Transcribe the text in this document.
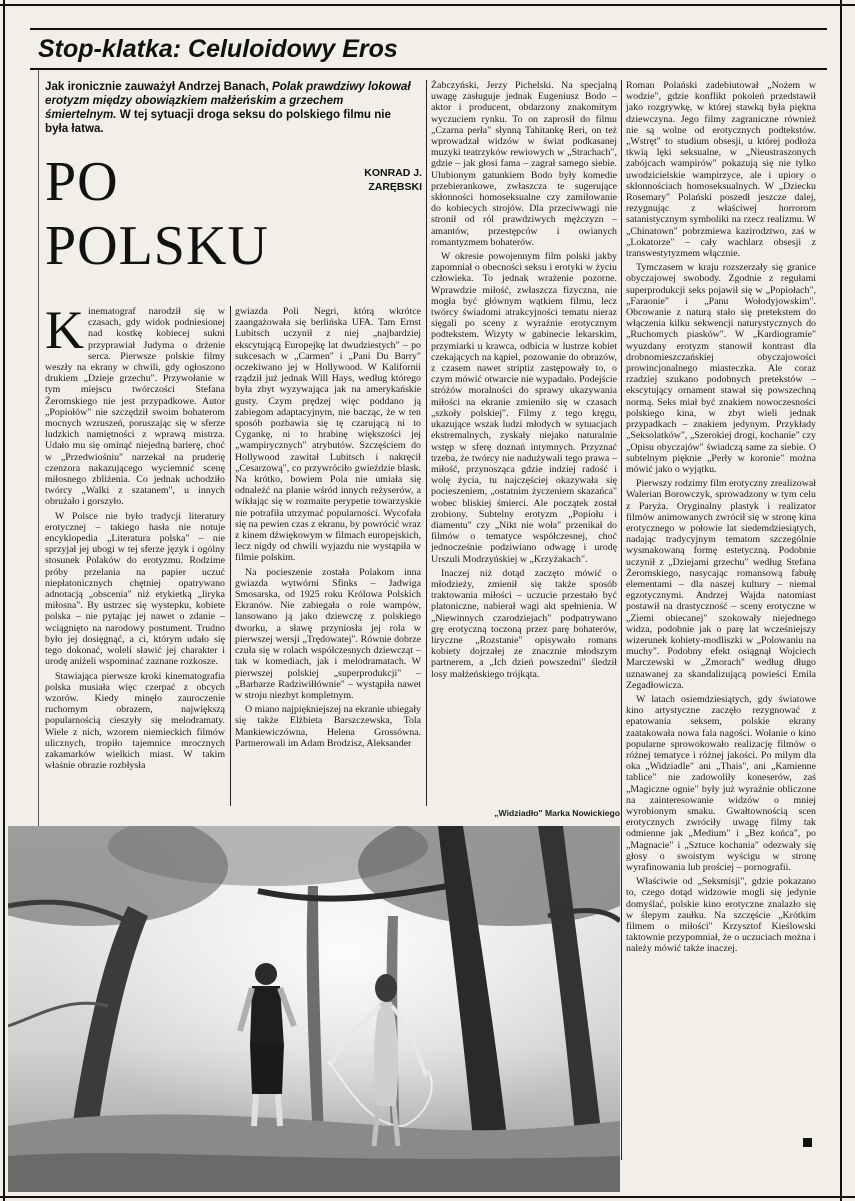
Stop-klatka: Celuloidowy Eros
Jak ironicznie zauważył Andrzej Banach, Polak prawdziwy lokował erotyzm między obowiązkiem małżeńskim a grzechem śmiertelnym. W tej sytuacji droga seksu do polskiego filmu nie była łatwa.
KONRAD J.
ZARĘBSKI
PO
POLSKU

Kinematograf narodził się w czasach, gdy widok podniesionej nad kostkę kobiecej sukni przyprawiał Judyma o drżenie serca. Pierwsze polskie filmy weszły na ekrany w chwili, gdy ogłoszono drukiem „Dzieje grzechu". Przywołanie w tym miejscu twórczości Stefana Żeromskiego nie jest przypadkowe. Autor „Popiołów" nie szczędził swoim bohaterom mocnych wzruszeń, poruszając się w sferze ludzkich namiętności z wprawą mistrza. Udało mu się ominąć niejedną barierę, choć w „Przedwiośniu" narzekał na pruderię czenzora nakazującego wyciemnić scenę miłosnego zbliżenia. Co jednak uchodziło twórcy „Walki z szatanem", u innych obrużało i gorszyło.

W Polsce nie było tradycji literatury erotycznej – takiego hasła nie notuje encyklopedia „Literatura polska" – nie sprzyjał jej ubogi w tej sferze język i ogólny stosunek Polaków do erotyzmu. Rodzime próby przelania na papier uczuć niepłatonicznych chętniej opatrywano adnotacją „obscenia" niż etykietką „liryka miłosna". By ustrzec się wystepku, kobiete polska – nie pytając jej nawet o zdanie – wciągnięto na narodowy postument. Trudno było jej dosięgnąć, a ci, którym udało się tego dokonać, woleli sławić jej charakter i urodę aniżeli wspominać zaznane rozkosze.

Stawiająca pierwsze kroki kinematografia polska musiała więc czerpać z obcych wzorów. Kiedy minęło zauroczenie ruchomym obrazem, największą popularnością cieszyły się melodramaty. Wiele z nich, wzorem niemieckich filmów ulicznych, tropiło tajemnice mrocznych zakamarków wielkich miast. W takim właśnie obrazie rozbłysła

gwiazda Poli Negri, którą wkrótce zaangażowała się berlińska UFA. Tam Ernst Lubitsch uczynił z niej „najbardziej ekscytującą Europejkę lat dwudziestych" – po sukcesach w „Carmen" i „Pani Du Barry" oczekiwano jej w Hollywood. W Kalifornii rządził już jednak Will Hays, według którego była zbyt wyzywająca jak na amerykańskie gusty. Czym prędzej więc poddano ją zabiegom adaptacyjnym, nie bacząc, że w ten sposób pozbawia się tę czarującą ni to Cygankę, ni to hrabinę większości jej „wampirycznych" atrybutów. Szczęściem do Hollywood zawitał Lubitsch i nakręcił „Cesarzową", co przywróciło gwieździe blask. Na krótko, bowiem Pola nie umiała się odnaleźć na planie wśród innych reżyserów, a wikłając się w rozmaite perypetie towarzyskie nie potrafiła utrzymać popularności. Wycofała się na pewien czas z ekranu, by powrócić wraz z kinem dźwiękowym w filmach europejskich, lecz nigdy od chwili wyjazdu nie wystąpiła w filmie polskim.

Na pocieszenie została Polakom inna gwiazda wytwórni Sfinks – Jadwiga Smosarska, od 1925 roku Królowa Polskich Ekranów. Nie zabiegała o role wampów, lansowano ją jako dziewczę z polskiego dworku, a sławę przyniosła jej rola w pierwszej wersji „Trędowatej". Równie dobrze czuła się w rolach współczesnych dziewcząt – tak w komediach, jak i melodramatach. W pierwszej polskiej „superprodukcji" – „Barbarze Radziwiłłównie" – wystąpiła nawet w stroju niezbyt kompletnym.

O miano najpiękniejszej na ekranie ubiegały się także Elżbieta Barszczewska, Tola Mankiewiczówna, Helena Grossówna. Partnerowali im Adam Brodzisz, Aleksander

Żabczyński, Jerzy Pichelski. Na specjalną uwagę zasługuje jednak Eugeniusz Bodo – aktor i producent, obdarzony znakomitym wyczuciem rynku. To on zaprosił do filmu „Czarna perła" słynną Tahitankę Reri, on też wprowadzał widzów w świat podkasanej muzyki teatrzyków rewiowych w „Strachach", gdzie – jak głosi fama – zagrał samego siebie. Ulubionym gatunkiem Bodo były komedie przebierankowe, zwłaszcza te sugerujące skłonności homoseksualne czy zamiłowanie do kobiecych strojów. Dla przeciwwagi nie stronił od ról prawdziwych mężczyzn – amantów, przestępców i owianych romantyzmem bohaterów.

W okresie powojennym film polski jakby zapomniał o obecności seksu i erotyki w życiu człowieka. To jednak wrażenie pozorne. Wprawdzie miłość, zwłaszcza fizyczna, nie mogła być głównym wątkiem filmu, lecz twórcy świadomi atrakcyjności tematu nieraz sięgali po sceny z wyraźnie erotycznym podtekstem. Wizyty w gabinecie lekarskim, przymiarki u krawca, odbicia w lustrze kobiet czekających na kąpiel, pozowanie do obrazów, z czasem nawet striptiz zastępowały to, o czym mówić otwarcie nie wypadało. Podejście stróżów moralności do sprawy ukazywania miłości na ekranie zmieniło się w czasach „szkoły polskiej". Filmy z tego kręgu, ukazujące wszak ludzi młodych w sytuacjach ekstremalnych, zyskały niejako naturalnie wstęp w sferę doznań intymnych. Przyznać trzeba, że twórcy nie nadużywali tego prawa – miłość, przynosząca gdzie indziej radość i wolę życia, tu najczęściej okazywała się pocieszeniem, „ostatnim życzeniem skazańca" wobec bliskiej śmierci. Ale początek został zrobiony. Subtelny erotyzm „Popiołu i diamentu" czy „Nikt nie woła" przenikał do filmów o tematyce współczesnej, choć jednocześnie podziwiano odwagę i urodę Urszuli Modrzyńskiej w „Krzyżakach".

Inaczej niż dotąd zaczęto mówić o młodzieży, zmienił się także sposób traktowania miłości – uczucie przestało być platoniczne, nabierał wagi akt spełnienia. W „Niewinnych czarodziejach" podpatrywano grę erotyczną toczoną przez parę bohaterów, liryczne „Rozstanie" opisywało romans kobiety dojrzałej ze znacznie młodszym partnerem, a „Ich dzień powszedni" śledził losy małżeńskiego trójkąta.

Roman Polański zadebiutował „Nożem w wodzie", gdzie konflikt pokoleń przedstawił jako rozgrywkę, w której stawką była piękna dziewczyna. Jego filmy zagraniczne również nie są wolne od erotycznych podtekstów. „Wstręt" to studium obsesji, u której podłoża tkwią lęki seksualne, w „Nieustraszonych zabójcach wampirów" pokazują się nie tylko uwodzicielskie wampirzyce, ale i upiory o skłonnościach homoseksualnych. W „Dziecku Rosemary" Polański poszedł jeszcze dalej, rezygnując z właściwej horrorom satanistycznym symboliki na rzecz realizmu. W „Chinatown" pobrzmiewa kazirodztwo, zaś w „Lokatorze" – cały wachlarz obsesji z transwestytyzmem włącznie.

Tymczasem w kraju rozszerzały się granice obyczajowej swobody. Zgodnie z regułami superprodukcji seks pojawił się w „Popiołach", „Faraonie" i „Panu Wołodyjowskim". Obcowanie z naturą stało się pretekstem do włączenia kilku sekwencji naturystycznych do „Ruchomych piasków". W „Kardiogramie" wyuzdany erotyzm stanowił kontrast dla drobnomieszczańskiej obyczajowości prowincjonalnego miasteczka. Ale coraz rzadziej szukano podobnych pretekstów – ekscytujący ornament stawał się powszechną normą. Seks miał być znakiem nowoczesności polskiego kina, w zbyt wieli jednak przypadkach – znakiem jedynym. Przykłady „Seksolatków", „Szerokiej drogi, kochanie" czy „Opisu obyczajów" świadczą same za siebie. O subtelnym pięknie „Perły w koronie" można mówić jako o wyjątku.

Pierwszy rodzimy film erotyczny zrealizował Walerian Borowczyk, sprowadzony w tym celu z Paryża. Oryginalny plastyk i realizator filmów animowanych zwrócił się w stronę kina erotycznego w połowie lat siedemdziesiątych, nadając tradycyjnym tematom szczególnie wysmakowaną formę estetyczną. Podobnie uczynił z „Dziejami grzechu" według Stefana Żeromskiego, nasycając romansową fabułę elementami – dla naszej kultury – niemal egzotycznymi. Andrzej Wajda natomiast postawił na drastyczność – sceny erotyczne w „Ziemi obiecanej" szokowały niejednego widza, podobnie jak o parę lat wcześniejszy wizerunek kobiety-modliszki w „Polowaniu na muchy". Podobny efekt osiągnął Wojciech Marczewski w „Zmorach" według długo uznawanej za skandalizującą powieści Emila Zegadłowicza.

W latach osiemdziesiątych, gdy światowe kino artystyczne zaczęło rezygnować z epatowania seksem, polskie ekrany zaatakowała nowa fala nagości. Wołanie o kino popularne sprowokowało realizację filmów o różnej tematyce i różnej jakości. Po milym dla oka „Widziadle" ani „Thais", ani „Kamienne tablice" nie zadowoliły koneserów, zaś „Magiczne ognie" były już wyraźnie obliczone na zainteresowanie widzów o mniej wyrobionym smaku. Gwałtownością scen erotycznych zwróciły uwagę filmy tak odmienne jak „Medium" i „Bez końca", po „Magnacie" i „Sztuce kochania" odezwały się głosy o swoistym wyścigu w stronę wyrafinowania lub prościej – pornografii.

Właściwie od „Seksmisji", gdzie pokazano to, czego dotąd widzowie mogli się jedynie domyślać, polskie kino erotyczne znalazło się w ślepym zaułku. Na szczęście „Krótkim filmem o miłości" Krzysztof Kieślowski taktownie przypomniał, że o uczuciach można i należy mówić także inaczej.

„Widziadło" Marka Nowickiego
